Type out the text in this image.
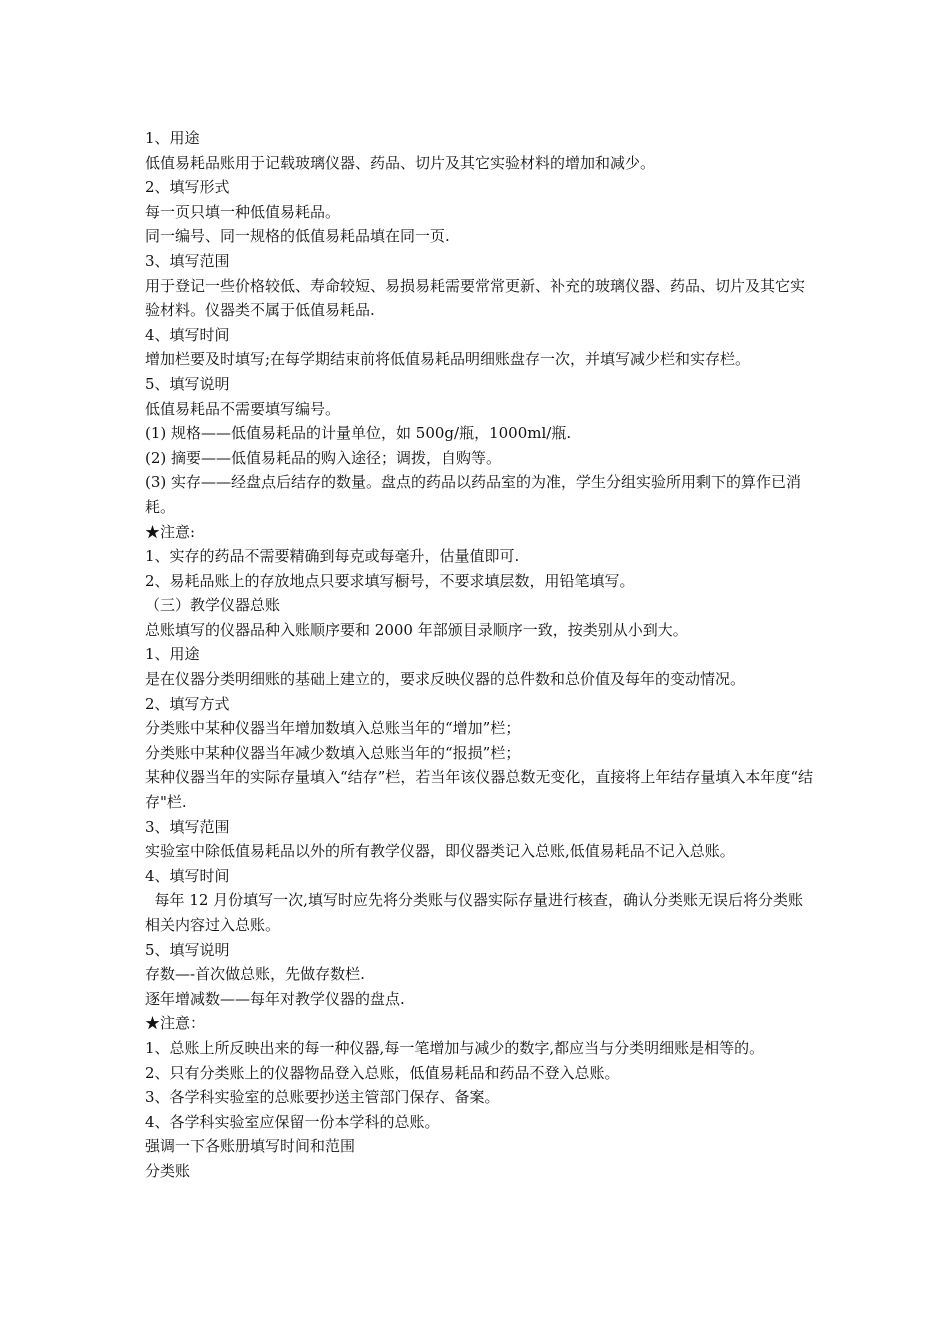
1、用途

低值易耗品账用于记载玻璃仪器、药品、切片及其它实验材料的增加和减少。

2、填写形式

每一页只填一种低值易耗品。

同一编号、同一规格的低值易耗品填在同一页.

3、填写范围

用于登记一些价格较低、寿命较短、易损易耗需要常常更新、补充的玻璃仪器、药品、切片及其它实验材料。仪器类不属于低值易耗品.

4、填写时间

增加栏要及时填写;在每学期结束前将低值易耗品明细账盘存一次，并填写减少栏和实存栏。

5、填写说明

低值易耗品不需要填写编号。

(1) 规格——低值易耗品的计量单位，如 500g/瓶，1000ml/瓶.

(2) 摘要——低值易耗品的购入途径；调拨，自购等。

(3) 实存——经盘点后结存的数量。盘点的药品以药品室的为准，学生分组实验所用剩下的算作已消耗。

★注意:

1、实存的药品不需要精确到每克或每毫升，估量值即可.

2、易耗品账上的存放地点只要求填写橱号，不要求填层数，用铅笔填写。

（三）教学仪器总账

总账填写的仪器品种入账顺序要和 2000 年部颁目录顺序一致，按类别从小到大。

1、用途

是在仪器分类明细账的基础上建立的，要求反映仪器的总件数和总价值及每年的变动情况。

2、填写方式

分类账中某种仪器当年增加数填入总账当年的“增加”栏；

分类账中某种仪器当年减少数填入总账当年的“报损”栏；

某种仪器当年的实际存量填入“结存”栏，若当年该仪器总数无变化，直接将上年结存量填入本年度“结存"栏.

3、填写范围

实验室中除低值易耗品以外的所有教学仪器，即仪器类记入总账,低值易耗品不记入总账。

4、填写时间

每年 12 月份填写一次,填写时应先将分类账与仪器实际存量进行核查，确认分类账无误后将分类账相关内容过入总账。

5、填写说明

存数—-首次做总账，先做存数栏.

逐年增减数——每年对教学仪器的盘点.

★注意：

1、总账上所反映出来的每一种仪器,每一笔增加与减少的数字,都应当与分类明细账是相等的。

2、只有分类账上的仪器物品登入总账，低值易耗品和药品不登入总账。

3、各学科实验室的总账要抄送主管部门保存、备案。

4、各学科实验室应保留一份本学科的总账。

强调一下各账册填写时间和范围

分类账
